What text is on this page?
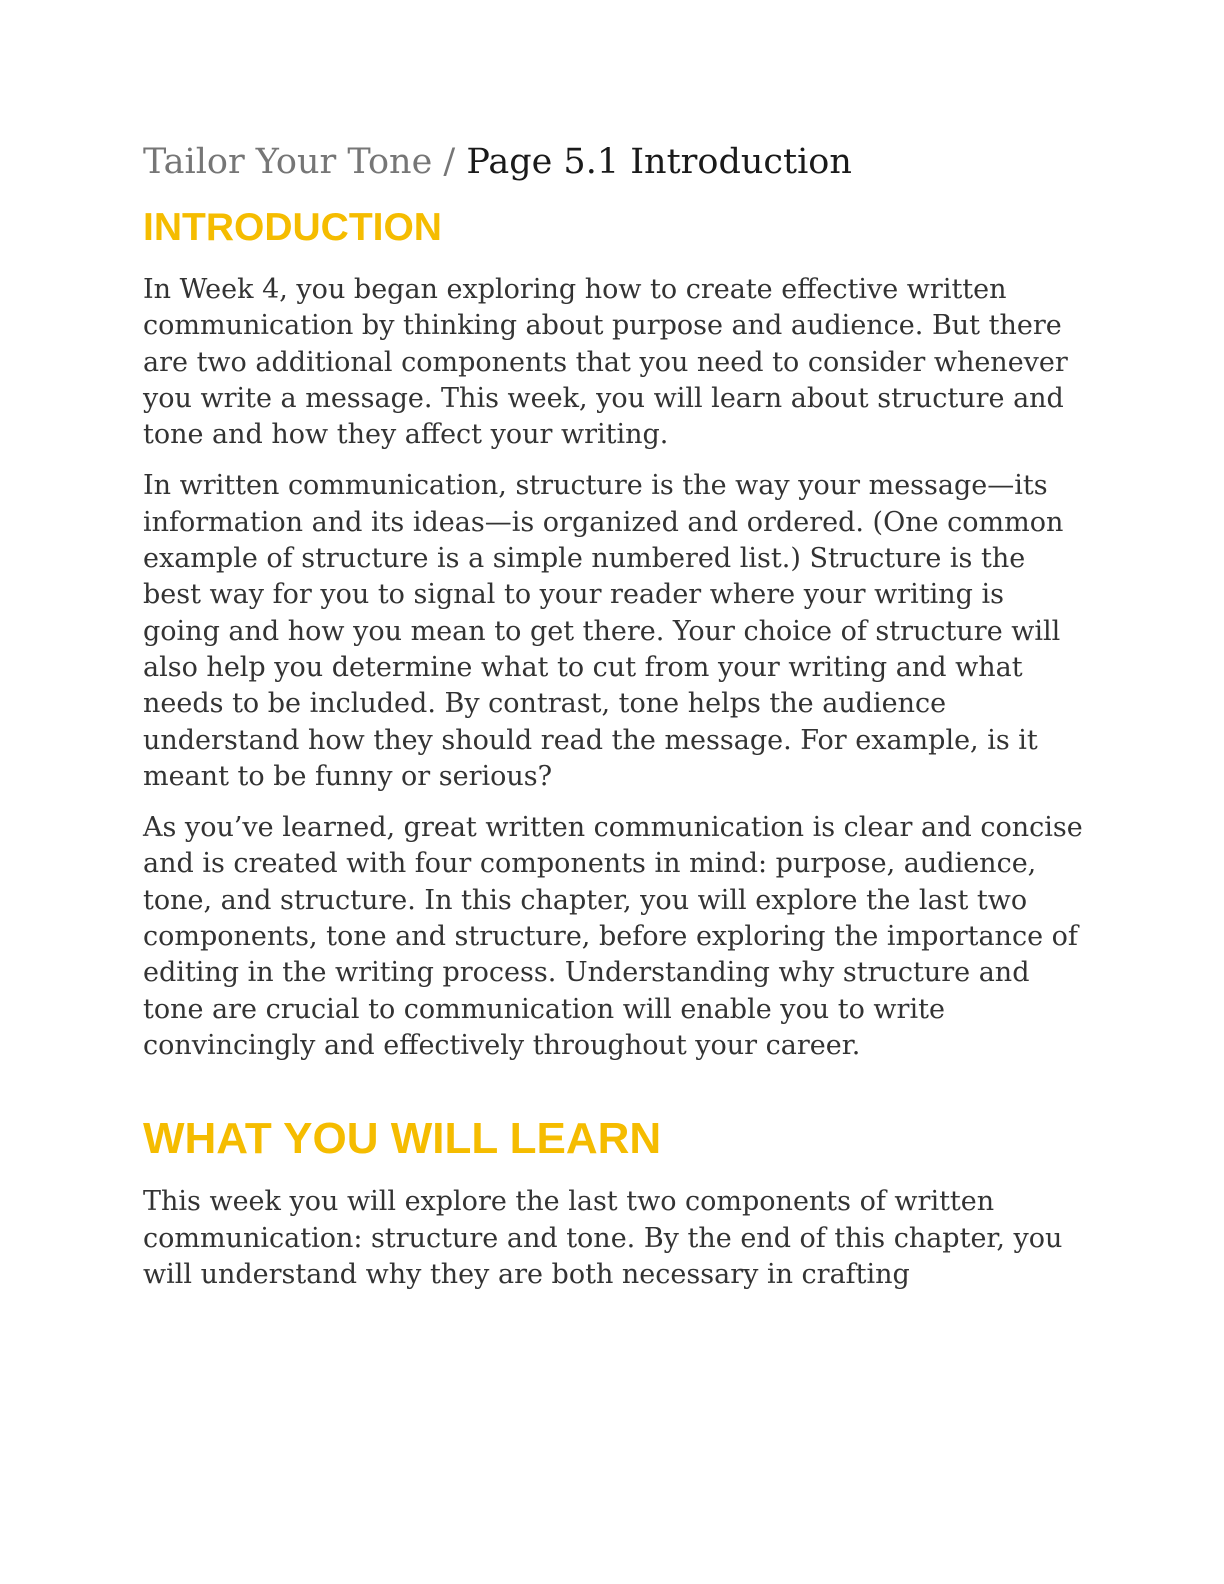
Tailor Your Tone / Page 5.1 Introduction
INTRODUCTION

In Week 4, you began exploring how to create effective written communication by thinking about purpose and audience. But there are two additional components that you need to consider whenever you write a message. This week, you will learn about structure and tone and how they affect your writing.

In written communication, structure is the way your message—its information and its ideas—is organized and ordered. (One common example of structure is a simple numbered list.) Structure is the best way for you to signal to your reader where your writing is going and how you mean to get there. Your choice of structure will also help you determine what to cut from your writing and what needs to be included. By contrast, tone helps the audience understand how they should read the message. For example, is it meant to be funny or serious?

As you’ve learned, great written communication is clear and concise and is created with four components in mind: purpose, audience, tone, and structure. In this chapter, you will explore the last two components, tone and structure, before exploring the importance of editing in the writing process. Understanding why structure and tone are crucial to communication will enable you to write convincingly and effectively throughout your career.

WHAT YOU WILL LEARN

This week you will explore the last two components of written communication: structure and tone. By the end of this chapter, you will understand why they are both necessary in crafting
